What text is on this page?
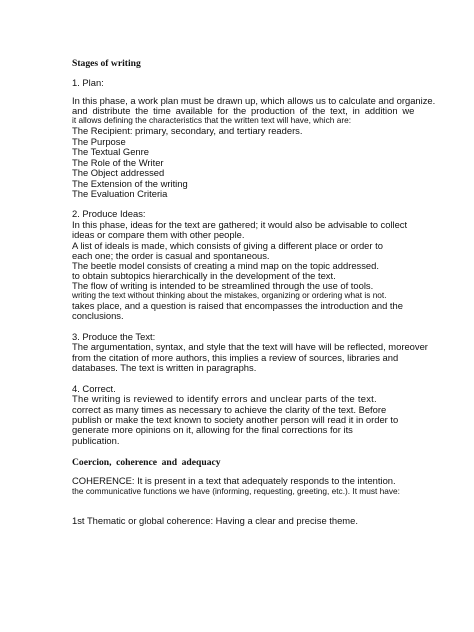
Stages of writing

1. Plan:

In this phase, a work plan must be drawn up, which allows us to calculate and organize.

and distribute the time available for the production of the text, in addition we

it allows defining the characteristics that the written text will have, which are:

The Recipient: primary, secondary, and tertiary readers.

The Purpose

The Textual Genre

The Role of the Writer

The Object addressed

The Extension of the writing

The Evaluation Criteria

2. Produce Ideas:

In this phase, ideas for the text are gathered; it would also be advisable to collect

ideas or compare them with other people.

A list of ideals is made, which consists of giving a different place or order to

each one; the order is casual and spontaneous.

The beetle model consists of creating a mind map on the topic addressed.

to obtain subtopics hierarchically in the development of the text.

The flow of writing is intended to be streamlined through the use of tools.

writing the text without thinking about the mistakes, organizing or ordering what is not.

takes place, and a question is raised that encompasses the introduction and the

conclusions.

3. Produce the Text:

The argumentation, syntax, and style that the text will have will be reflected, moreover

from the citation of more authors, this implies a review of sources, libraries and

databases. The text is written in paragraphs.

4. Correct.

The writing is reviewed to identify errors and unclear parts of the text.

correct as many times as necessary to achieve the clarity of the text. Before

publish or make the text known to society another person will read it in order to

generate more opinions on it, allowing for the final corrections for its

publication.

Coercion, coherence and adequacy

COHERENCE: It is present in a text that adequately responds to the intention.

the communicative functions we have (informing, requesting, greeting, etc.). It must have:

1st Thematic or global coherence: Having a clear and precise theme.
